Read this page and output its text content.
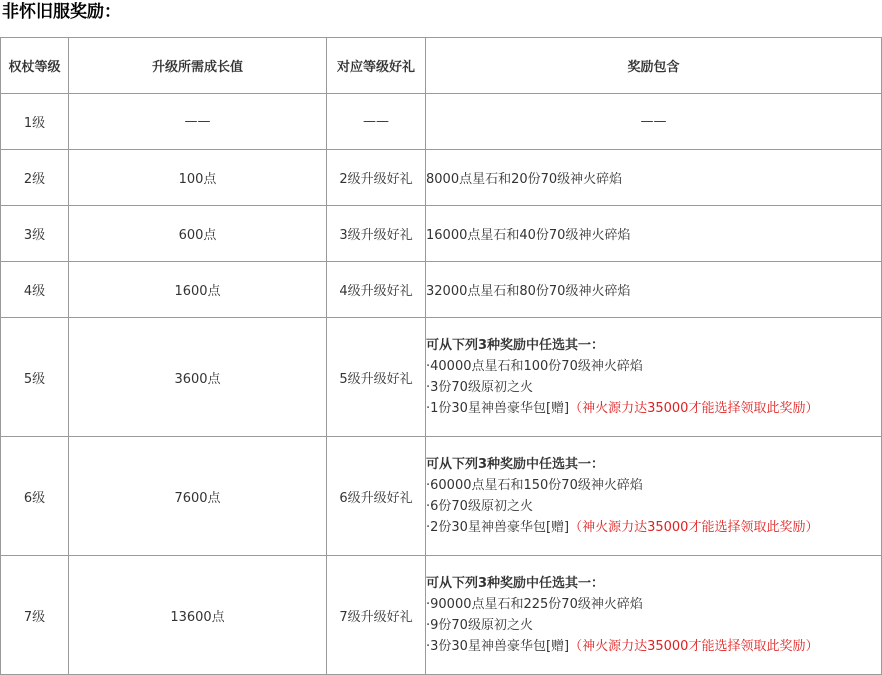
非怀旧服奖励：
权杖等级	升级所需成长值	对应等级好礼	奖励包含
1级	——	——	——
2级	100点	2级升级好礼	8000点星石和20份70级神火碎焰
3级	600点	3级升级好礼	16000点星石和40份70级神火碎焰
4级	1600点	4级升级好礼	32000点星石和80份70级神火碎焰
5级	3600点	5级升级好礼	可从下列3种奖励中任选其一：
·40000点星石和100份70级神火碎焰
·3份70级原初之火
·1份30星神兽豪华包[赠]（神火源力达35000才能选择领取此奖励）

6级	7600点	6级升级好礼	可从下列3种奖励中任选其一：
·60000点星石和150份70级神火碎焰
·6份70级原初之火
·2份30星神兽豪华包[赠]（神火源力达35000才能选择领取此奖励）

7级	13600点	7级升级好礼	可从下列3种奖励中任选其一：
·90000点星石和225份70级神火碎焰
·9份70级原初之火
·3份30星神兽豪华包[赠]（神火源力达35000才能选择领取此奖励）
